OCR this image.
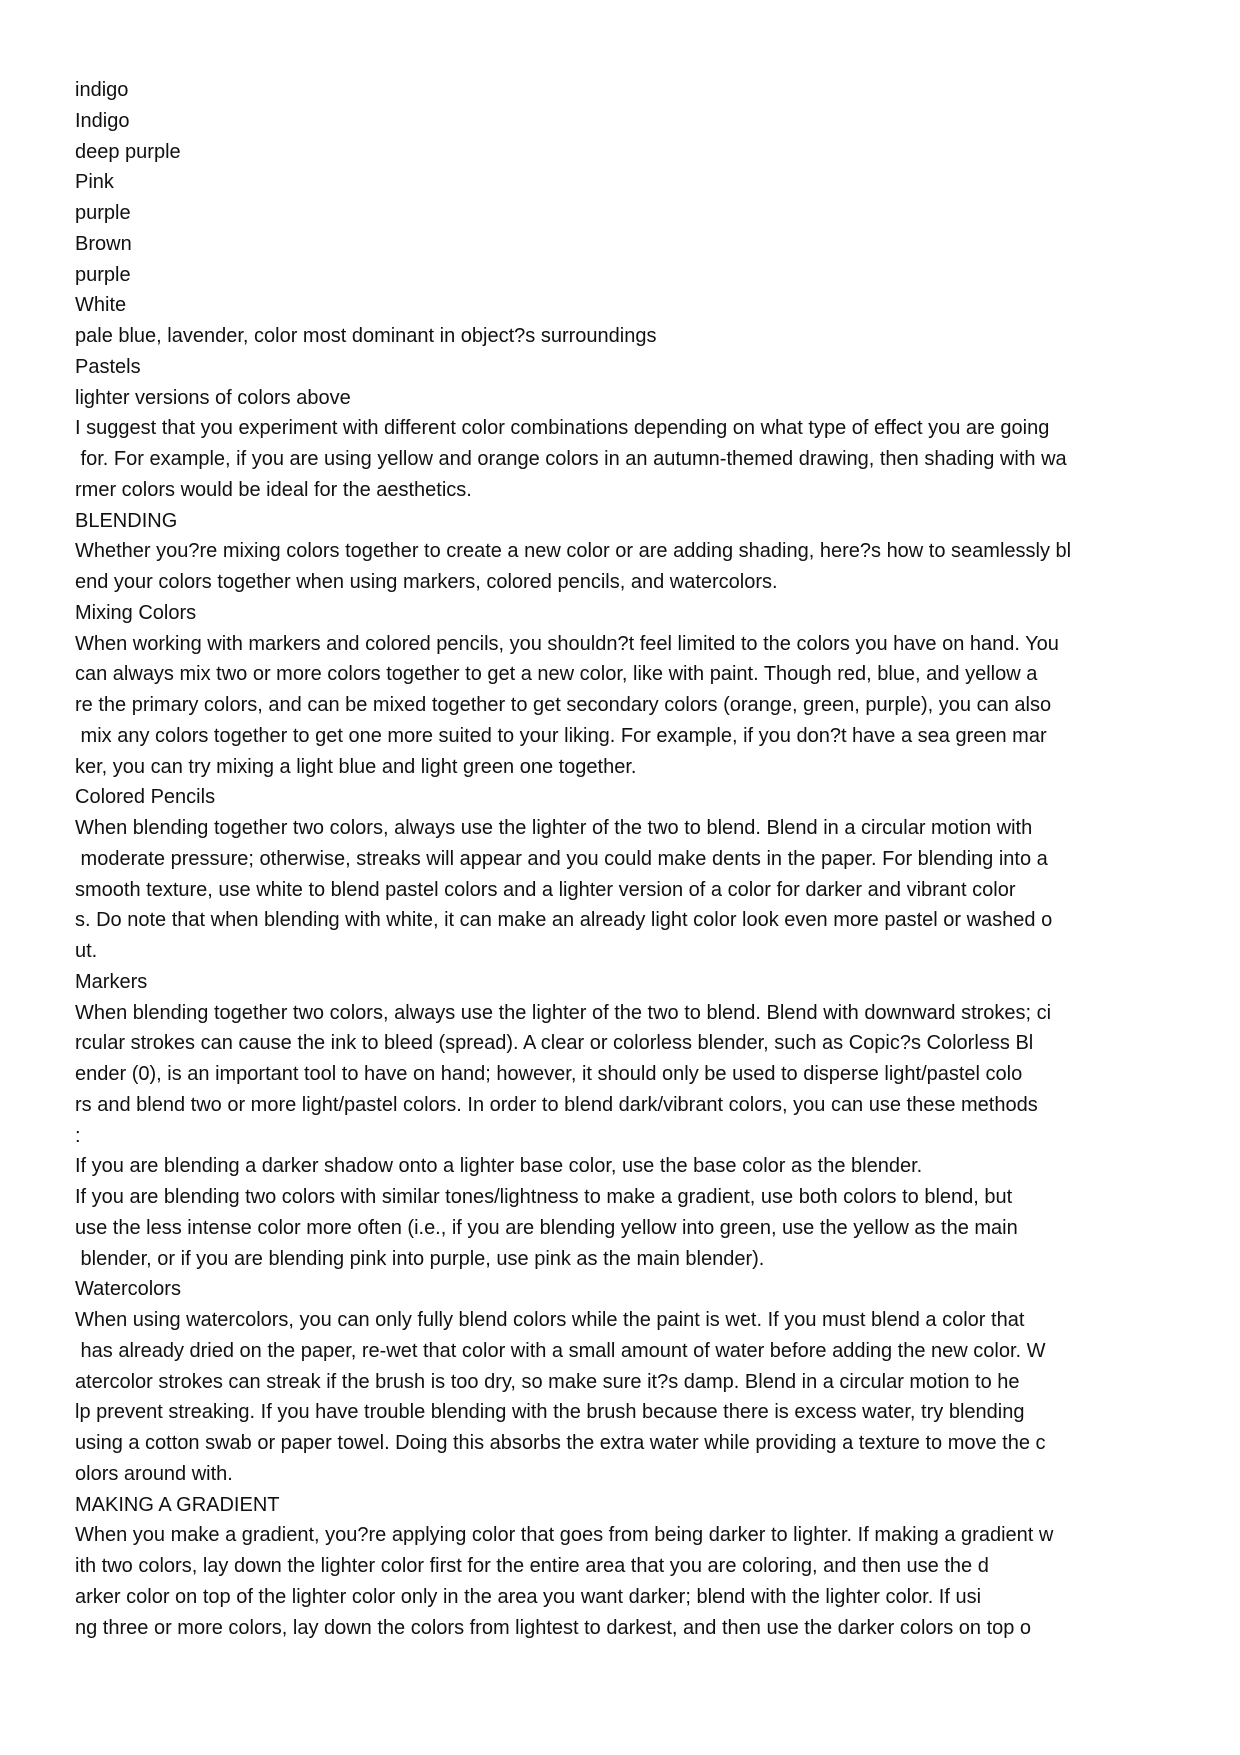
indigo
Indigo
deep purple
Pink
purple
Brown
purple
White
pale blue, lavender, color most dominant in object?s surroundings
Pastels
lighter versions of colors above
I suggest that you experiment with different color combinations depending on what type of effect you are going
for. For example, if you are using yellow and orange colors in an autumn-themed drawing, then shading with wa
rmer colors would be ideal for the aesthetics.
BLENDING
Whether you?re mixing colors together to create a new color or are adding shading, here?s how to seamlessly bl
end your colors together when using markers, colored pencils, and watercolors.
Mixing Colors
When working with markers and colored pencils, you shouldn?t feel limited to the colors you have on hand. You
can always mix two or more colors together to get a new color, like with paint. Though red, blue, and yellow a
re the primary colors, and can be mixed together to get secondary colors (orange, green, purple), you can also
mix any colors together to get one more suited to your liking. For example, if you don?t have a sea green mar
ker, you can try mixing a light blue and light green one together.
Colored Pencils
When blending together two colors, always use the lighter of the two to blend. Blend in a circular motion with
moderate pressure; otherwise, streaks will appear and you could make dents in the paper. For blending into a
smooth texture, use white to blend pastel colors and a lighter version of a color for darker and vibrant color
s. Do note that when blending with white, it can make an already light color look even more pastel or washed o
ut.
Markers
When blending together two colors, always use the lighter of the two to blend. Blend with downward strokes; ci
rcular strokes can cause the ink to bleed (spread). A clear or colorless blender, such as Copic?s Colorless Bl
ender (0), is an important tool to have on hand; however, it should only be used to disperse light/pastel colo
rs and blend two or more light/pastel colors. In order to blend dark/vibrant colors, you can use these methods
:
If you are blending a darker shadow onto a lighter base color, use the base color as the blender.
If you are blending two colors with similar tones/lightness to make a gradient, use both colors to blend, but
use the less intense color more often (i.e., if you are blending yellow into green, use the yellow as the main
blender, or if you are blending pink into purple, use pink as the main blender).
Watercolors
When using watercolors, you can only fully blend colors while the paint is wet. If you must blend a color that
has already dried on the paper, re-wet that color with a small amount of water before adding the new color. W
atercolor strokes can streak if the brush is too dry, so make sure it?s damp. Blend in a circular motion to he
lp prevent streaking. If you have trouble blending with the brush because there is excess water, try blending
using a cotton swab or paper towel. Doing this absorbs the extra water while providing a texture to move the c
olors around with.
MAKING A GRADIENT
When you make a gradient, you?re applying color that goes from being darker to lighter. If making a gradient w
ith two colors, lay down the lighter color first for the entire area that you are coloring, and then use the d
arker color on top of the lighter color only in the area you want darker; blend with the lighter color. If usi
ng three or more colors, lay down the colors from lightest to darkest, and then use the darker colors on top o
